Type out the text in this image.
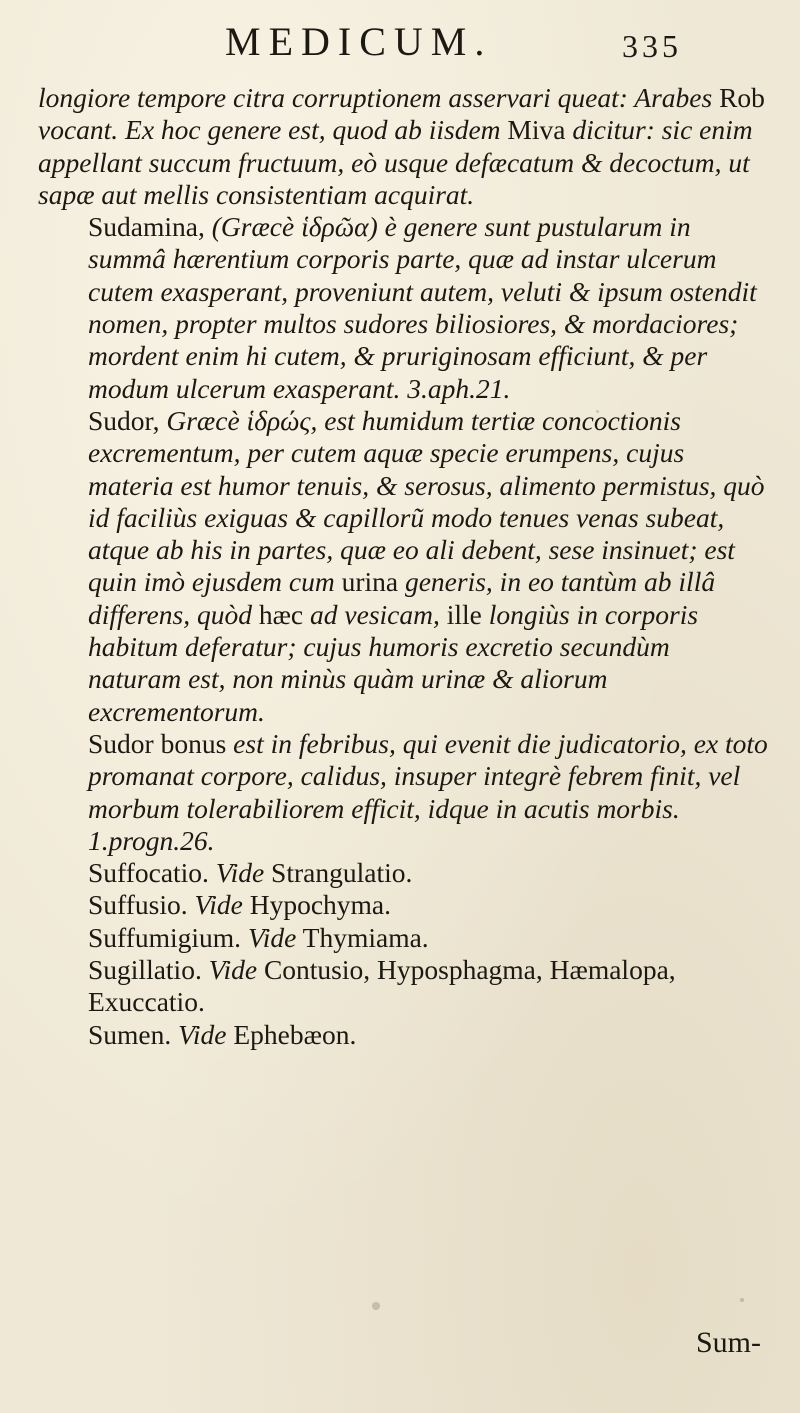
MEDICUM.	335

longiore tempore citra corruptionem asservari queat: Arabes Rob vocant. Ex hoc genere est, quod ab iisdem Miva dicitur: sic enim appellant succum fructuum, eò usque defæcatum & decoctum, ut sapæ aut mellis consistentiam acquirat.

Sudamina, (Græcè ἱδρῶα) è genere sunt pustularum in summâ hærentium corporis parte, quæ ad instar ulcerum cutem exasperant, proveniunt autem, veluti & ipsum ostendit nomen, propter multos sudores biliosiores, & mordaciores; mordent enim hi cutem, & pruriginosam efficiunt, & per modum ulcerum exasperant. 3.aph.21.

Sudor, Græcè ἱδρώς, est humidum tertiæ concoctionis excrementum, per cutem aquæ specie erumpens, cujus materia est humor tenuis, & serosus, alimento permistus, quò id faciliùs exiguas & capillorũ modo tenues venas subeat, atque ab his in partes, quæ eo ali debent, sese insinuet; est quin imò ejusdem cum urina generis, in eo tantùm ab illâ differens, quòd hæc ad vesicam, ille longiùs in corporis habitum deferatur; cujus humoris excretio secundùm naturam est, non minùs quàm urinæ & aliorum excrementorum.

Sudor bonus est in febribus, qui evenit die judicatorio, ex toto promanat corpore, calidus, insuper integrè febrem finit, vel morbum tolerabiliorem efficit, idque in acutis morbis. 1.progn.26.

Suffocatio. Vide Strangulatio.

Suffusio. Vide Hypochyma.

Suffumigium. Vide Thymiama.

Sugillatio. Vide Contusio, Hyposphagma, Hæmalopa, Exuccatio.

Sumen. Vide Ephebæon.

Sum-
